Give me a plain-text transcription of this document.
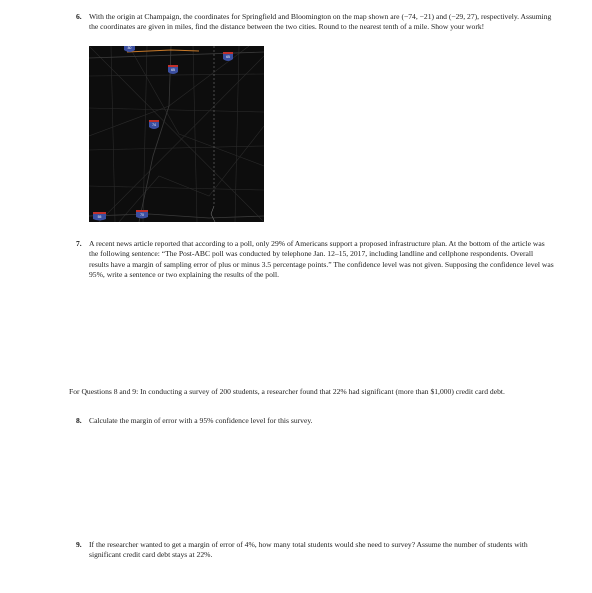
6. With the origin at Champaign, the coordinates for Springfield and Bloomington on the map shown are (−74, −21) and (−29, 27), respectively. Assuming the coordinates are given in miles, find the distance between the two cities. Round to the nearest tenth of a mile. Show your work!
80
65
65
74
55	70
7. A recent news article reported that according to a poll, only 29% of Americans support a proposed infrastructure plan. At the bottom of the article was the following sentence: “The Post-ABC poll was conducted by telephone Jan. 12–15, 2017, including landline and cellphone respondents. Overall results have a margin of sampling error of plus or minus 3.5 percentage points.” The confidence level was not given. Supposing the confidence level was 95%, write a sentence or two explaining the results of the poll.
For Questions 8 and 9: In conducting a survey of 200 students, a researcher found that 22% had significant (more than $1,000) credit card debt.
8. Calculate the margin of error with a 95% confidence level for this survey.
9. If the researcher wanted to get a margin of error of 4%, how many total students would she need to survey? Assume the number of students with significant credit card debt stays at 22%.
